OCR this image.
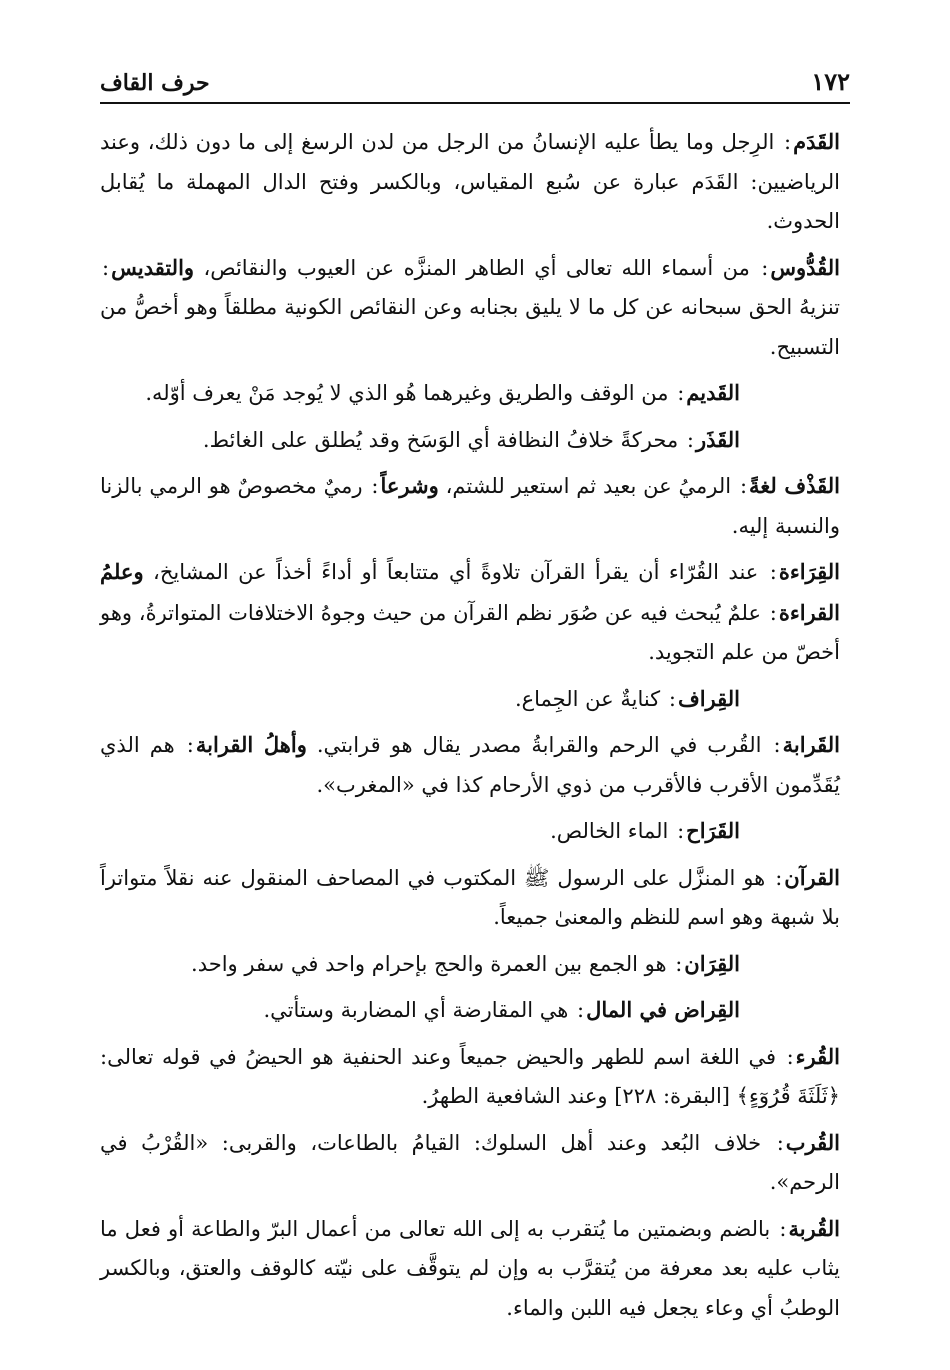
١٧٢
حرف القاف

القَدَم: الرِجل وما يطأ عليه الإنسانُ من الرجل من لدن الرسغ إلى ما دون ذلك، وعند الرياضيين: القَدَم عبارة عن سُبع المقياس، وبالكسر وفتح الدال المهملة ما يُقابل الحدوث.

القُدُّوس: من أسماء الله تعالى أي الطاهر المنزَّه عن العيوب والنقائص، والتقديس: تنزيهُ الحق سبحانه عن كل ما لا يليق بجنابه وعن النقائص الكونية مطلقاً وهو أخصُّ من التسبيح.

القَديم: من الوقف والطريق وغيرهما هُو الذي لا يُوجد مَنْ يعرف أوّله.

القَذَر: محركةً خلافُ النظافة أي الوَسَخ وقد يُطلق على الغائط.

القَذْف لغةً: الرميُ عن بعيد ثم استعير للشتم، وشرعاً: رميٌ مخصوصٌ هو الرمي بالزنا والنسبة إليه.

القِرَاءة: عند القُرّاء أن يقرأ القرآن تلاوةً أي متتابعاً أو أداءً أخذاً عن المشايخ، وعلمُ القراءة: علمٌ يُبحث فيه عن صُوَر نظم القرآن من حيث وجوهُ الاختلافات المتواترةُ، وهو أخصّ من علم التجويد.

القِراف: كنايةٌ عن الجِماع.

القَرابة: القُرب في الرحم والقرابةُ مصدر يقال هو قرابتي. وأهلُ القرابة: هم الذي يُقَدِّمون الأقرب فالأقرب من ذوي الأرحام كذا في «المغرب».

القَرَاح: الماء الخالص.

القرآن: هو المنزَّل على الرسول ﷺ المكتوب في المصاحف المنقول عنه نقلاً متواتراً بلا شبهة وهو اسم للنظم والمعنىٰ جميعاً.

القِرَان: هو الجمع بين العمرة والحج بإحرام واحد في سفر واحد.

القِراض في المال: هي المقارضة أي المضاربة وستأتي.

القُرء: في اللغة اسم للطهر والحيض جميعاً وعند الحنفية هو الحيضُ في قوله تعالى: ﴿ثَلَثَةَ قُرُوٓءٍ﴾ [البقرة: ٢٢٨] وعند الشافعية الطهرُ.

القُرب: خلاف البُعد وعند أهل السلوك: القيامُ بالطاعات، والقربى: «القُرْبُ في الرحم».

القُربة: بالضم وبضمتين ما يُتقرب به إلى الله تعالى من أعمال البرّ والطاعة أو فعل ما يثاب عليه بعد معرفة من يُتقرَّب به وإن لم يتوقَّف على نيّته كالوقف والعتق، وبالكسر الوطبُ أي وعاء يجعل فيه اللبن والماء.
